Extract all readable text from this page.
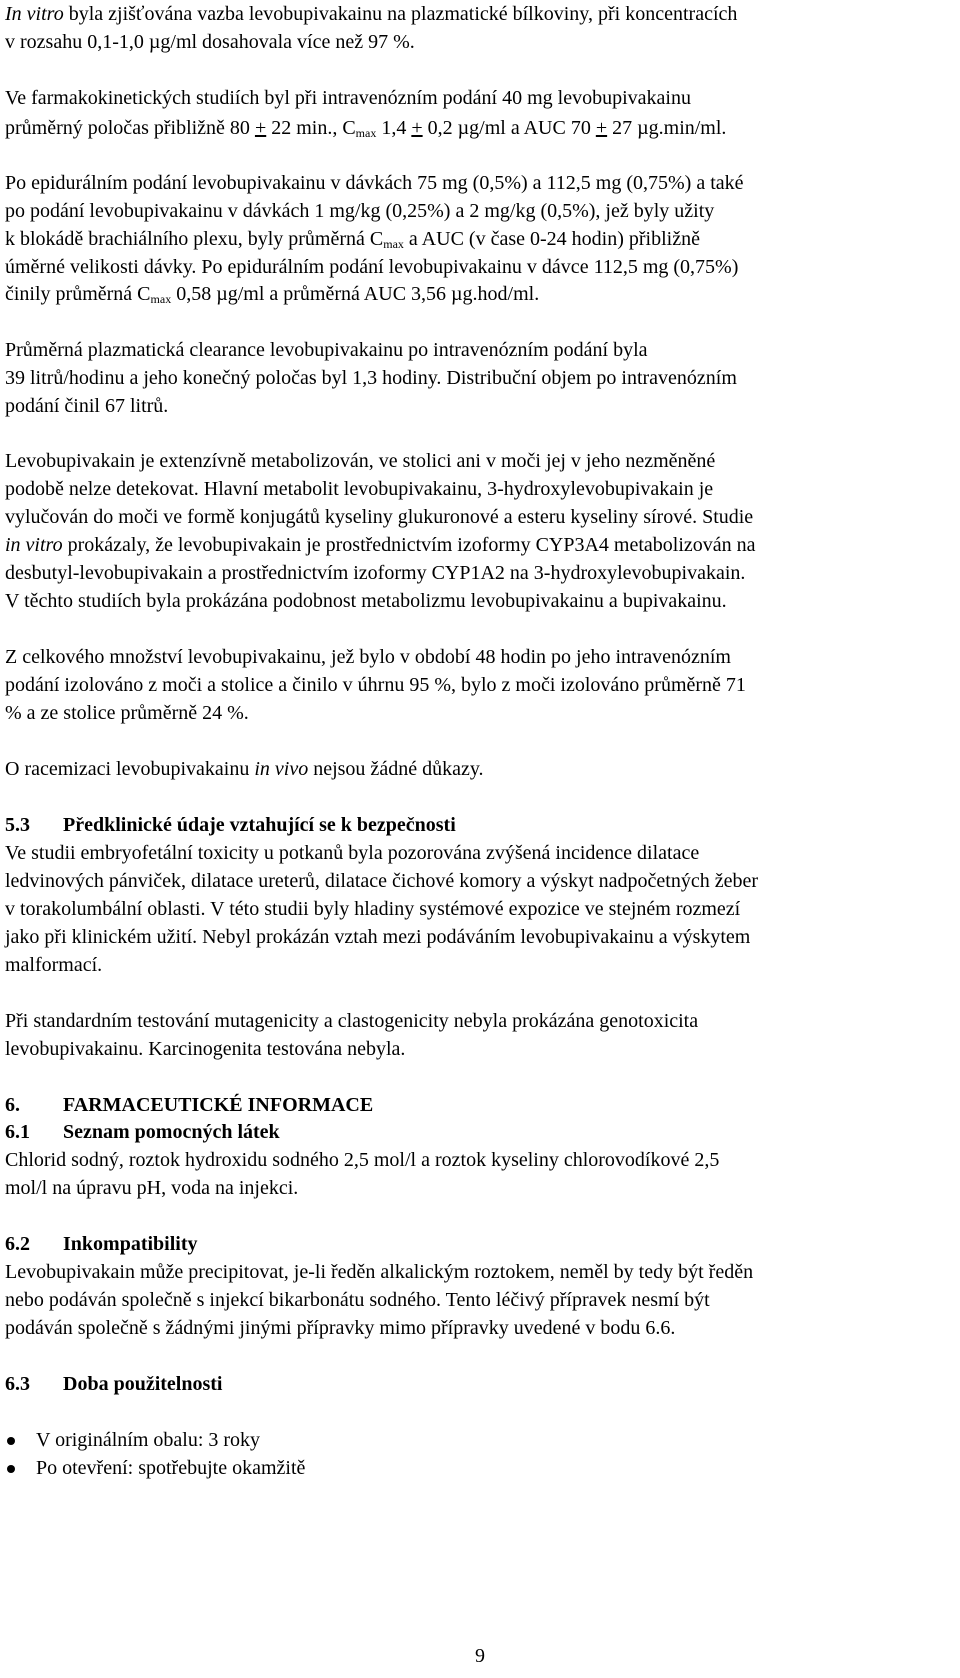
In vitro byla zjišťována vazba levobupivakainu na plazmatické bílkoviny, při koncentracích
v rozsahu 0,1-1,0 µg/ml dosahovala více než 97 %.
Ve farmakokinetických studiích byl při intravenózním podání 40 mg levobupivakainu
průměrný poločas přibližně 80 + 22 min., $C_{max}$ 1,4 + 0,2 µg/ml a AUC 70 + 27 µg.min/ml.
Po epidurálním podání levobupivakainu v dávkách 75 mg (0,5%) a 112,5 mg (0,75%) a také
po podání levobupivakainu v dávkách 1 mg/kg (0,25%) a 2 mg/kg (0,5%), jež byly užity
k blokádě brachiálního plexu, byly průměrná $C_{max}$ a AUC (v čase 0-24 hodin) přibližně
úměrné velikosti dávky. Po epidurálním podání levobupivakainu v dávce 112,5 mg (0,75%)
činily průměrná $C_{max}$ 0,58 µg/ml a průměrná AUC 3,56 µg.hod/ml.
Průměrná plazmatická clearance levobupivakainu po intravenózním podání byla
39 litrů/hodinu a jeho konečný poločas byl 1,3 hodiny. Distribuční objem po intravenózním
podání činil 67 litrů.
Levobupivakain je extenzívně metabolizován, ve stolici ani v moči jej v jeho nezměněné
podobě nelze detekovat. Hlavní metabolit levobupivakainu, 3-hydroxylevobupivakain je
vylučován do moči ve formě konjugátů kyseliny glukuronové a esteru kyseliny sírové. Studie
in vitro prokázaly, že levobupivakain je prostřednictvím izoformy CYP3A4 metabolizován na
desbutyl-levobupivakain a prostřednictvím izoformy CYP1A2 na 3-hydroxylevobupivakain.
V těchto studiích byla prokázána podobnost metabolizmu levobupivakainu a bupivakainu.
Z celkového množství levobupivakainu, jež bylo v období 48 hodin po jeho intravenózním
podání izolováno z moči a stolice a činilo v úhrnu 95 %, bylo z moči izolováno průměrně 71
% a ze stolice průměrně 24 %.
O racemizaci levobupivakainu in vivo nejsou žádné důkazy.
5.3 Předklinické údaje vztahující se k bezpečnosti
Ve studii embryofetální toxicity u potkanů byla pozorována zvýšená incidence dilatace
ledvinových pánviček, dilatace ureterů, dilatace čichové komory a výskyt nadpočetných žeber
v torakolumbální oblasti. V této studii byly hladiny systémové expozice ve stejném rozmezí
jako při klinickém užití. Nebyl prokázán vztah mezi podáváním levobupivakainu a výskytem
malformací.
Při standardním testování mutagenicity a clastogenicity nebyla prokázána genotoxicita
levobupivakainu. Karcinogenita testována nebyla.
6. FARMACEUTICKÉ INFORMACE
6.1 Seznam pomocných látek
Chlorid sodný, roztok hydroxidu sodného 2,5 mol/l a roztok kyseliny chlorovodíkové 2,5
mol/l na úpravu pH, voda na injekci.
6.2 Inkompatibility
Levobupivakain může precipitovat, je-li ředěn alkalickým roztokem, neměl by tedy být ředěn
nebo podáván společně s injekcí bikarbonátu sodného. Tento léčivý přípravek nesmí být
podáván společně s žádnými jinými přípravky mimo přípravky uvedené v bodu 6.6.
6.3 Doba použitelnosti
V originálním obalu: 3 roky
Po otevření: spotřebujte okamžitě
9
